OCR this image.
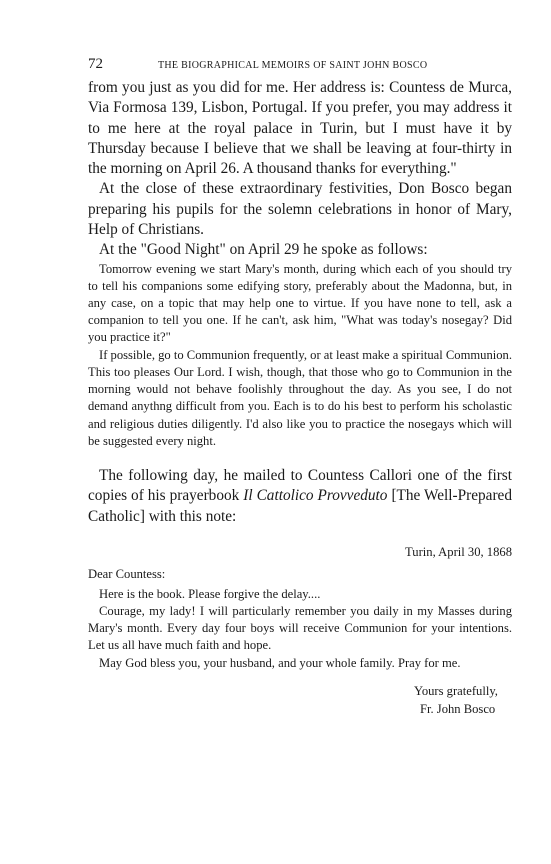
72	THE BIOGRAPHICAL MEMOIRS OF SAINT JOHN BOSCO

from you just as you did for me. Her address is: Countess de Murca, Via Formosa 139, Lisbon, Portugal. If you prefer, you may address it to me here at the royal palace in Turin, but I must have it by Thursday because I believe that we shall be leaving at four-thirty in the morning on April 26. A thousand thanks for everything."

At the close of these extraordinary festivities, Don Bosco began preparing his pupils for the solemn celebrations in honor of Mary, Help of Christians.

At the "Good Night" on April 29 he spoke as follows:

Tomorrow evening we start Mary's month, during which each of you should try to tell his companions some edifying story, preferably about the Madonna, but, in any case, on a topic that may help one to virtue. If you have none to tell, ask a companion to tell you one. If he can't, ask him, "What was today's nosegay? Did you practice it?"

If possible, go to Communion frequently, or at least make a spiritual Communion. This too pleases Our Lord. I wish, though, that those who go to Communion in the morning would not behave foolishly throughout the day. As you see, I do not demand anythng difficult from you. Each is to do his best to perform his scholastic and religious duties diligently. I'd also like you to practice the nosegays which will be suggested every night.

The following day, he mailed to Countess Callori one of the first copies of his prayerbook Il Cattolico Provveduto [The Well-Prepared Catholic] with this note:

Turin, April 30, 1868
Dear Countess:

Here is the book. Please forgive the delay....

Courage, my lady! I will particularly remember you daily in my Masses during Mary's month. Every day four boys will receive Communion for your intentions. Let us all have much faith and hope.

May God bless you, your husband, and your whole family. Pray for me.

Yours gratefully,
Fr. John Bosco
